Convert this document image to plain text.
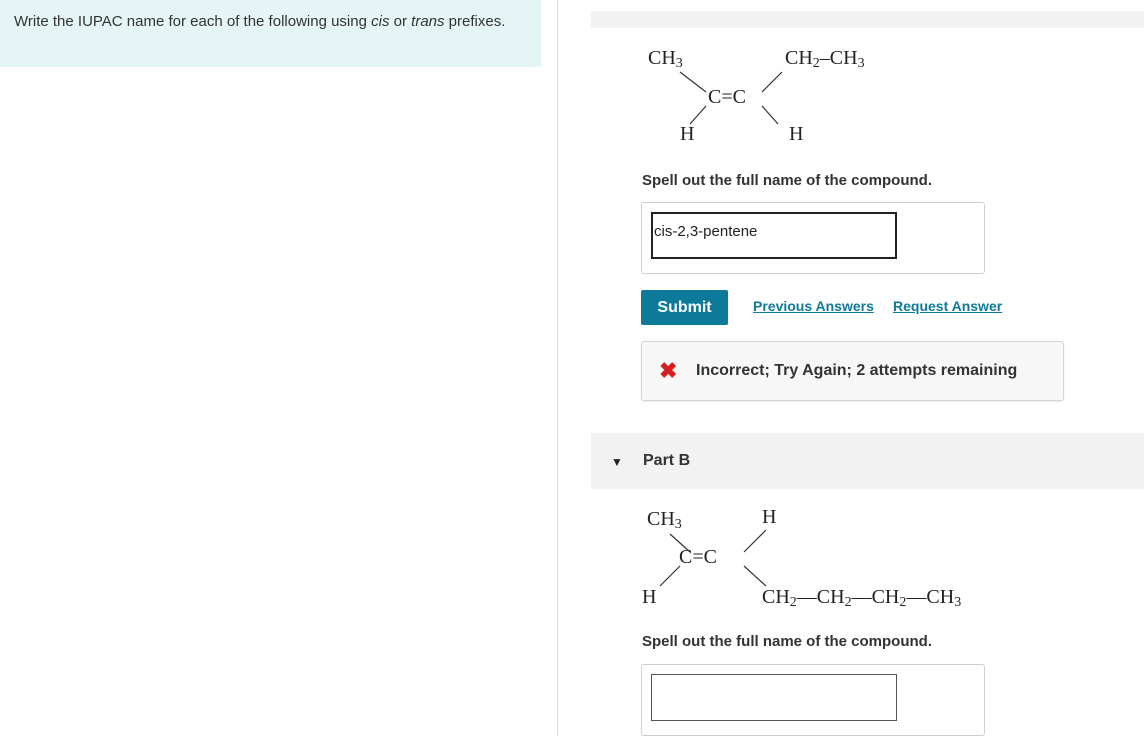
Write the IUPAC name for each of the following using cis or trans prefixes.
$CH_3$	$CH_2-CH_3$
C=C
H	H
Spell out the full name of the compound.
cis-2,3-pentene
Submit	Previous Answers Request Answer
✖ Incorrect; Try Again; 2 attempts remaining
▼ Part B
$CH_3$	H
C=C
H	$CH_2—CH_2—CH_2—CH_3$
Spell out the full name of the compound.
